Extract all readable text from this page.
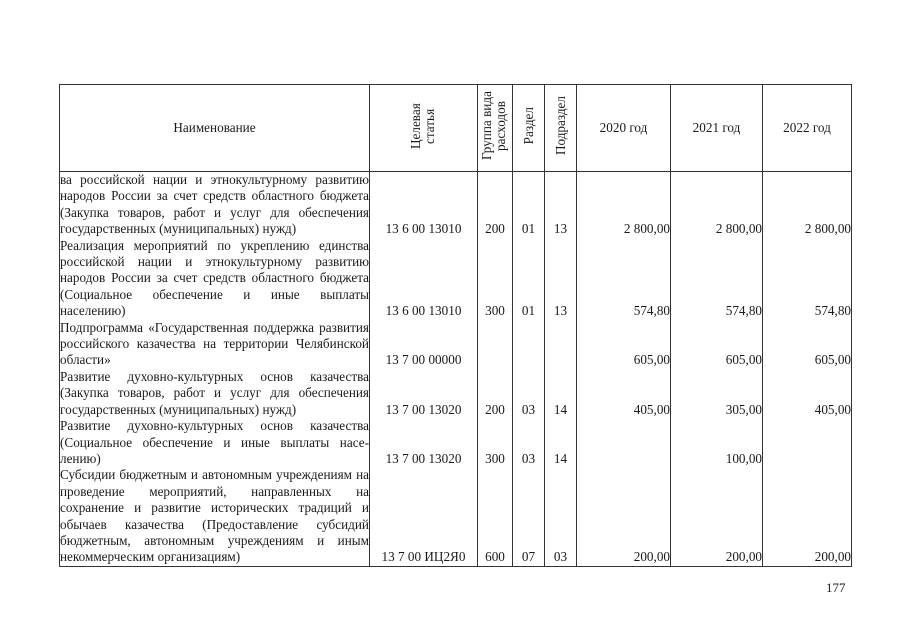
Наименование	Целевая статья	Группа вида расходов	Раздел	Подраздел	2020 год	2021 год	2022 год
ва российской нации и этнокультурному развитию народов России за счет средств областного бюджета (Закупка товаров, работ и услуг для обеспечения государственных (муниципальных) нужд)	13 6 00 13010	200	01	13	2 800,00	2 800,00	2 800,00
Реализация мероприятий по укреплению единства российской нации и этнокультурному развитию народов России за счет средств областного бюджета (Социальное обеспечение и иные выплаты населению)	13 6 00 13010	300	01	13	574,80	574,80	574,80
Подпрограмма «Государственная поддержка развития российского казачества на территории Челябинской области»	13 7 00 00000				605,00	605,00	605,00
Развитие духовно-культурных основ казачества (Закупка товаров, работ и услуг для обеспечения государственных (муниципальных) нужд)	13 7 00 13020	200	03	14	405,00	305,00	405,00
Развитие духовно-культурных основ казачества (Социальное обеспечение и иные выплаты населению)	13 7 00 13020	300	03	14		100,00	
Субсидии бюджетным и автономным учреждениям на проведение мероприятий, направленных на сохранение и развитие исторических традиций и обычаев казачества (Предоставление субсидий бюджетным, автономным учреждениям и иным некоммерческим организациям)	13 7 00 ИЦ2Я0	600	07	03	200,00	200,00	200,00
177
